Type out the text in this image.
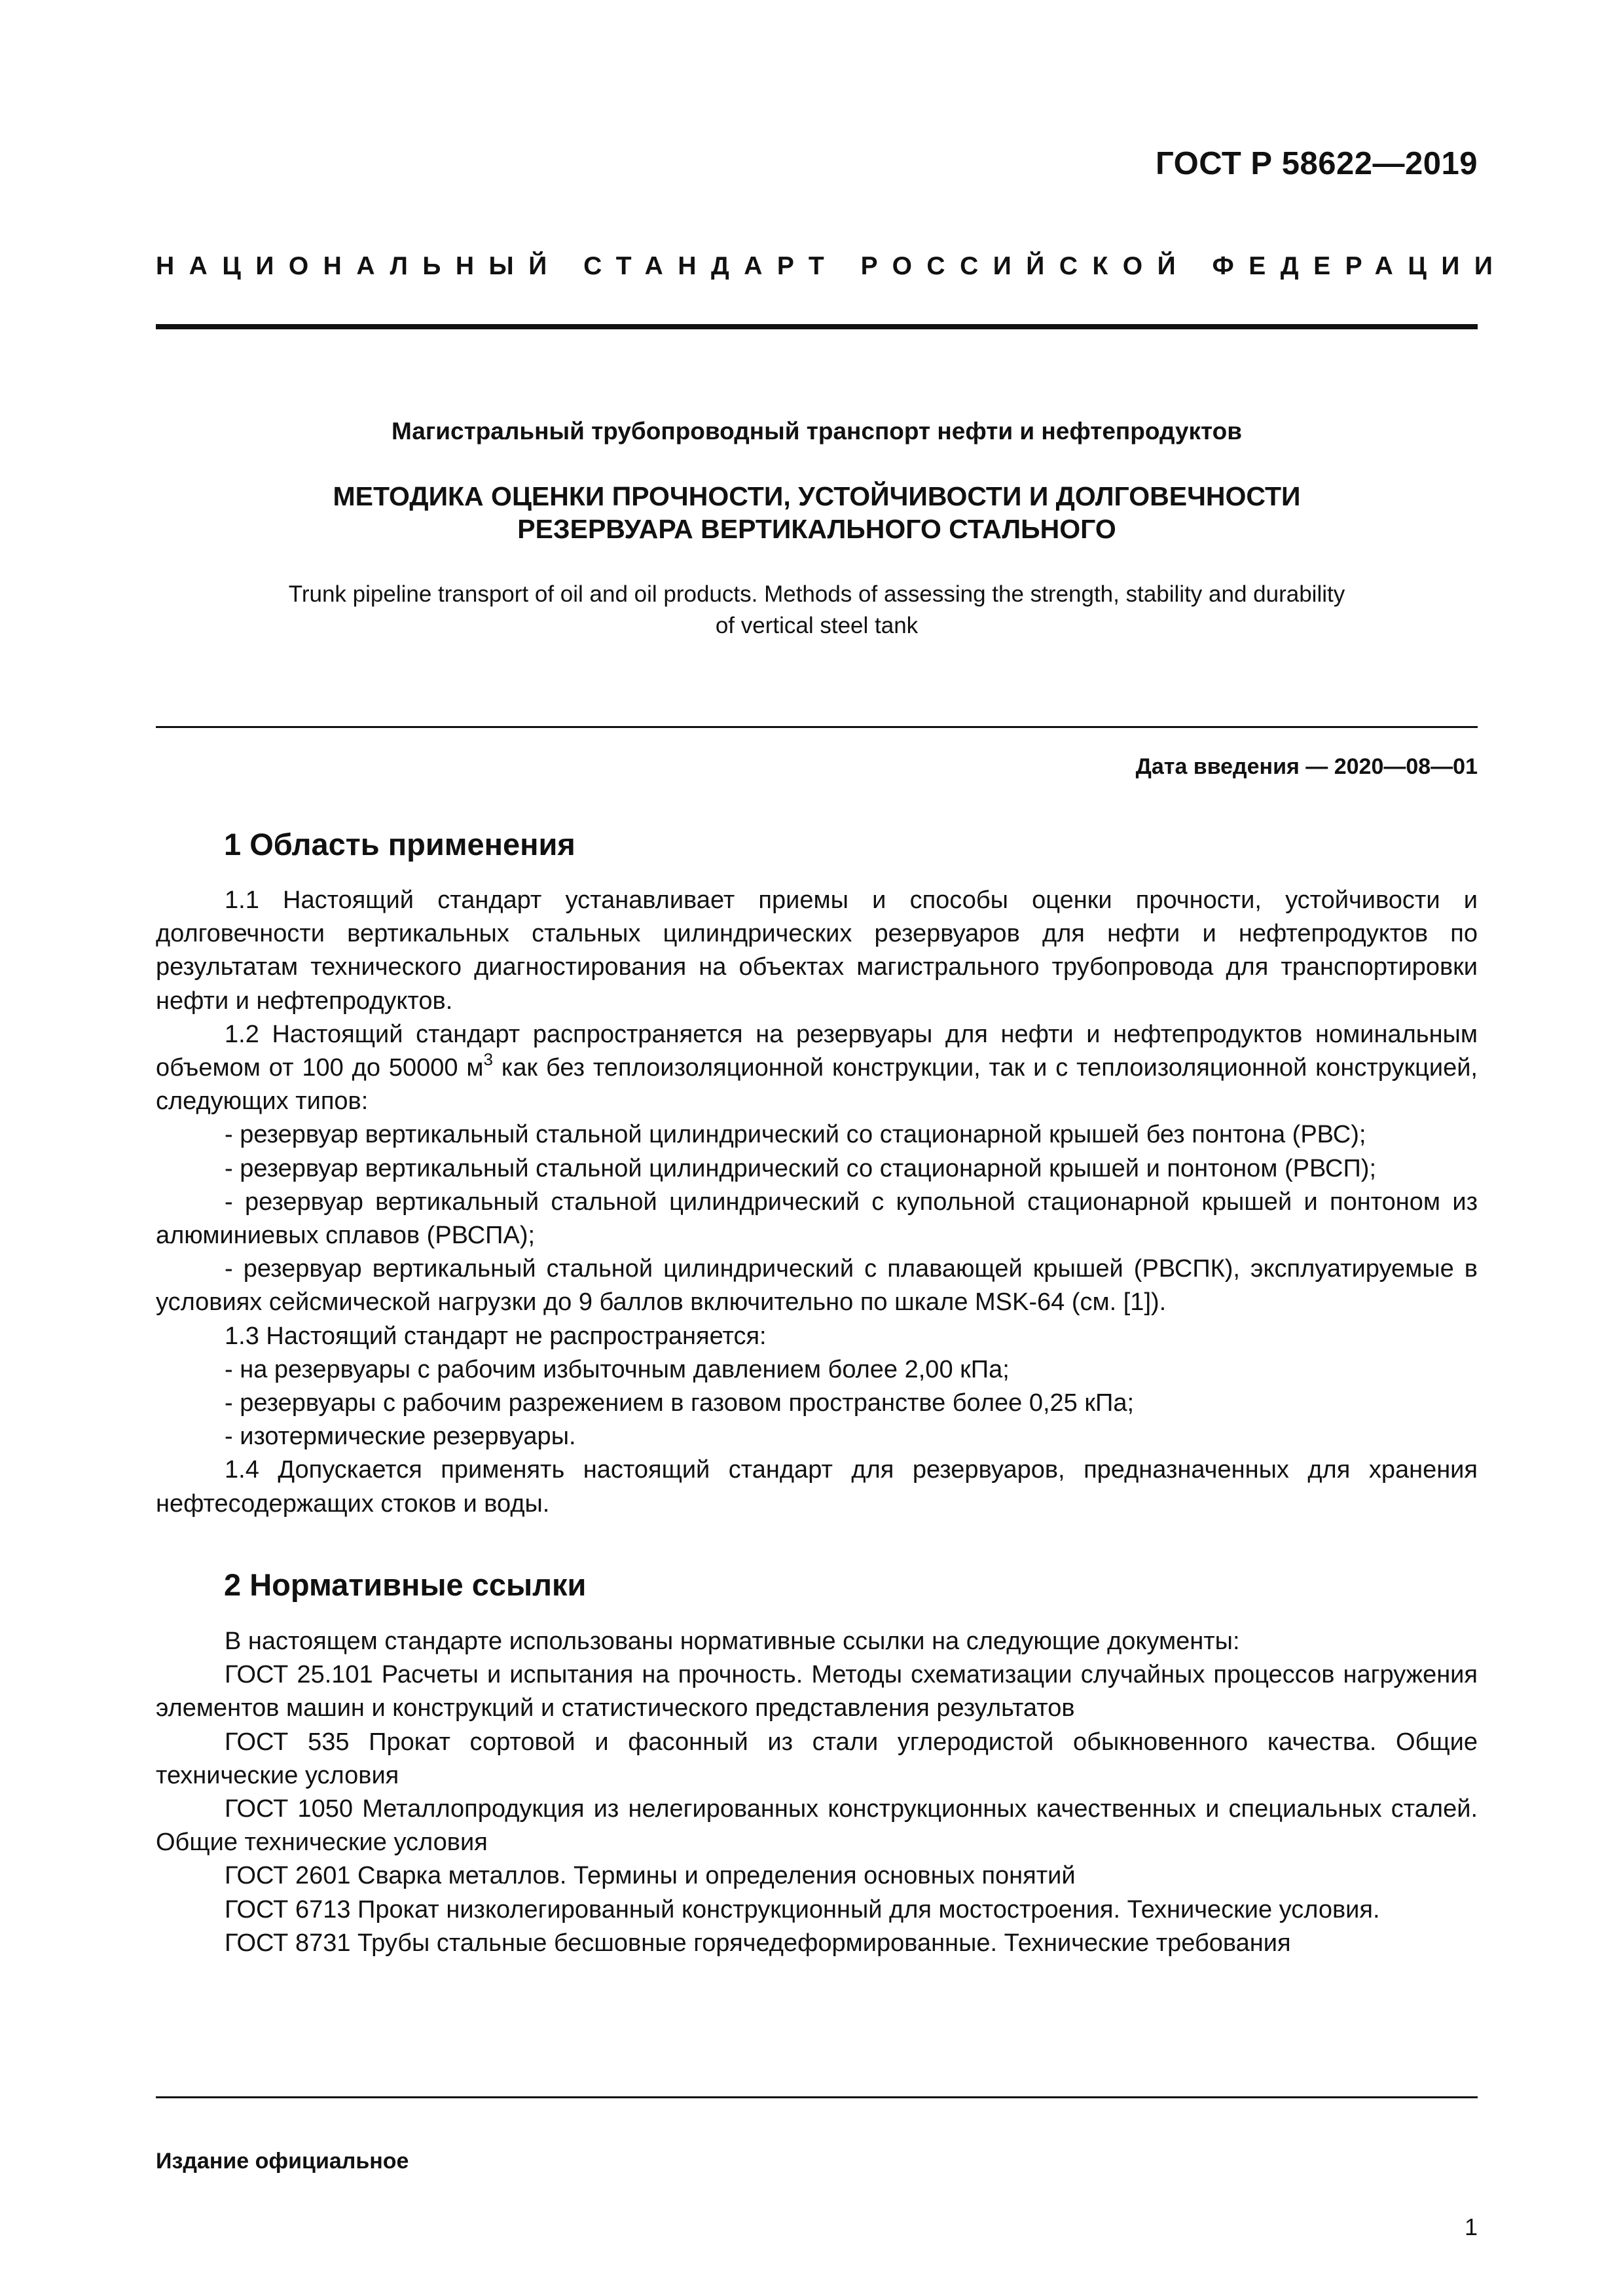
ГОСТ Р 58622—2019
НАЦИОНАЛЬНЫЙ СТАНДАРТ РОССИЙСКОЙ ФЕДЕРАЦИИ
Магистральный трубопроводный транспорт нефти и нефтепродуктов
МЕТОДИКА ОЦЕНКИ ПРОЧНОСТИ, УСТОЙЧИВОСТИ И ДОЛГОВЕЧНОСТИ
РЕЗЕРВУАРА ВЕРТИКАЛЬНОГО СТАЛЬНОГО
Trunk pipeline transport of oil and oil products. Methods of assessing the strength, stability and durability
of vertical steel tank
Дата введения — 2020—08—01
1 Область применения

1.1 Настоящий стандарт устанавливает приемы и способы оценки прочности, устойчивости и долговечности вертикальных стальных цилиндрических резервуаров для нефти и нефтепродуктов по результатам технического диагностирования на объектах магистрального трубопровода для транспортировки нефти и нефтепродуктов.

1.2 Настоящий стандарт распространяется на резервуары для нефти и нефтепродуктов номинальным объемом от 100 до 50000 $м^3$ как без теплоизоляционной конструкции, так и с теплоизоляционной конструкцией, следующих типов:

- резервуар вертикальный стальной цилиндрический со стационарной крышей без понтона (РВС);

- резервуар вертикальный стальной цилиндрический со стационарной крышей и понтоном (РВСП);

- резервуар вертикальный стальной цилиндрический с купольной стационарной крышей и понтоном из алюминиевых сплавов (РВСПА);

- резервуар вертикальный стальной цилиндрический с плавающей крышей (РВСПК), эксплуатируемые в условиях сейсмической нагрузки до 9 баллов включительно по шкале MSK-64 (см. [1]).

1.3 Настоящий стандарт не распространяется:

- на резервуары с рабочим избыточным давлением более 2,00 кПа;

- резервуары с рабочим разрежением в газовом пространстве более 0,25 кПа;

- изотермические резервуары.

1.4 Допускается применять настоящий стандарт для резервуаров, предназначенных для хранения нефтесодержащих стоков и воды.

2 Нормативные ссылки

В настоящем стандарте использованы нормативные ссылки на следующие документы:

ГОСТ 25.101 Расчеты и испытания на прочность. Методы схематизации случайных процессов нагружения элементов машин и конструкций и статистического представления результатов

ГОСТ 535 Прокат сортовой и фасонный из стали углеродистой обыкновенного качества. Общие технические условия

ГОСТ 1050 Металлопродукция из нелегированных конструкционных качественных и специальных сталей. Общие технические условия

ГОСТ 2601 Сварка металлов. Термины и определения основных понятий

ГОСТ 6713 Прокат низколегированный конструкционный для мостостроения. Технические условия.

ГОСТ 8731 Трубы стальные бесшовные горячедеформированные. Технические требования

Издание официальное
1
